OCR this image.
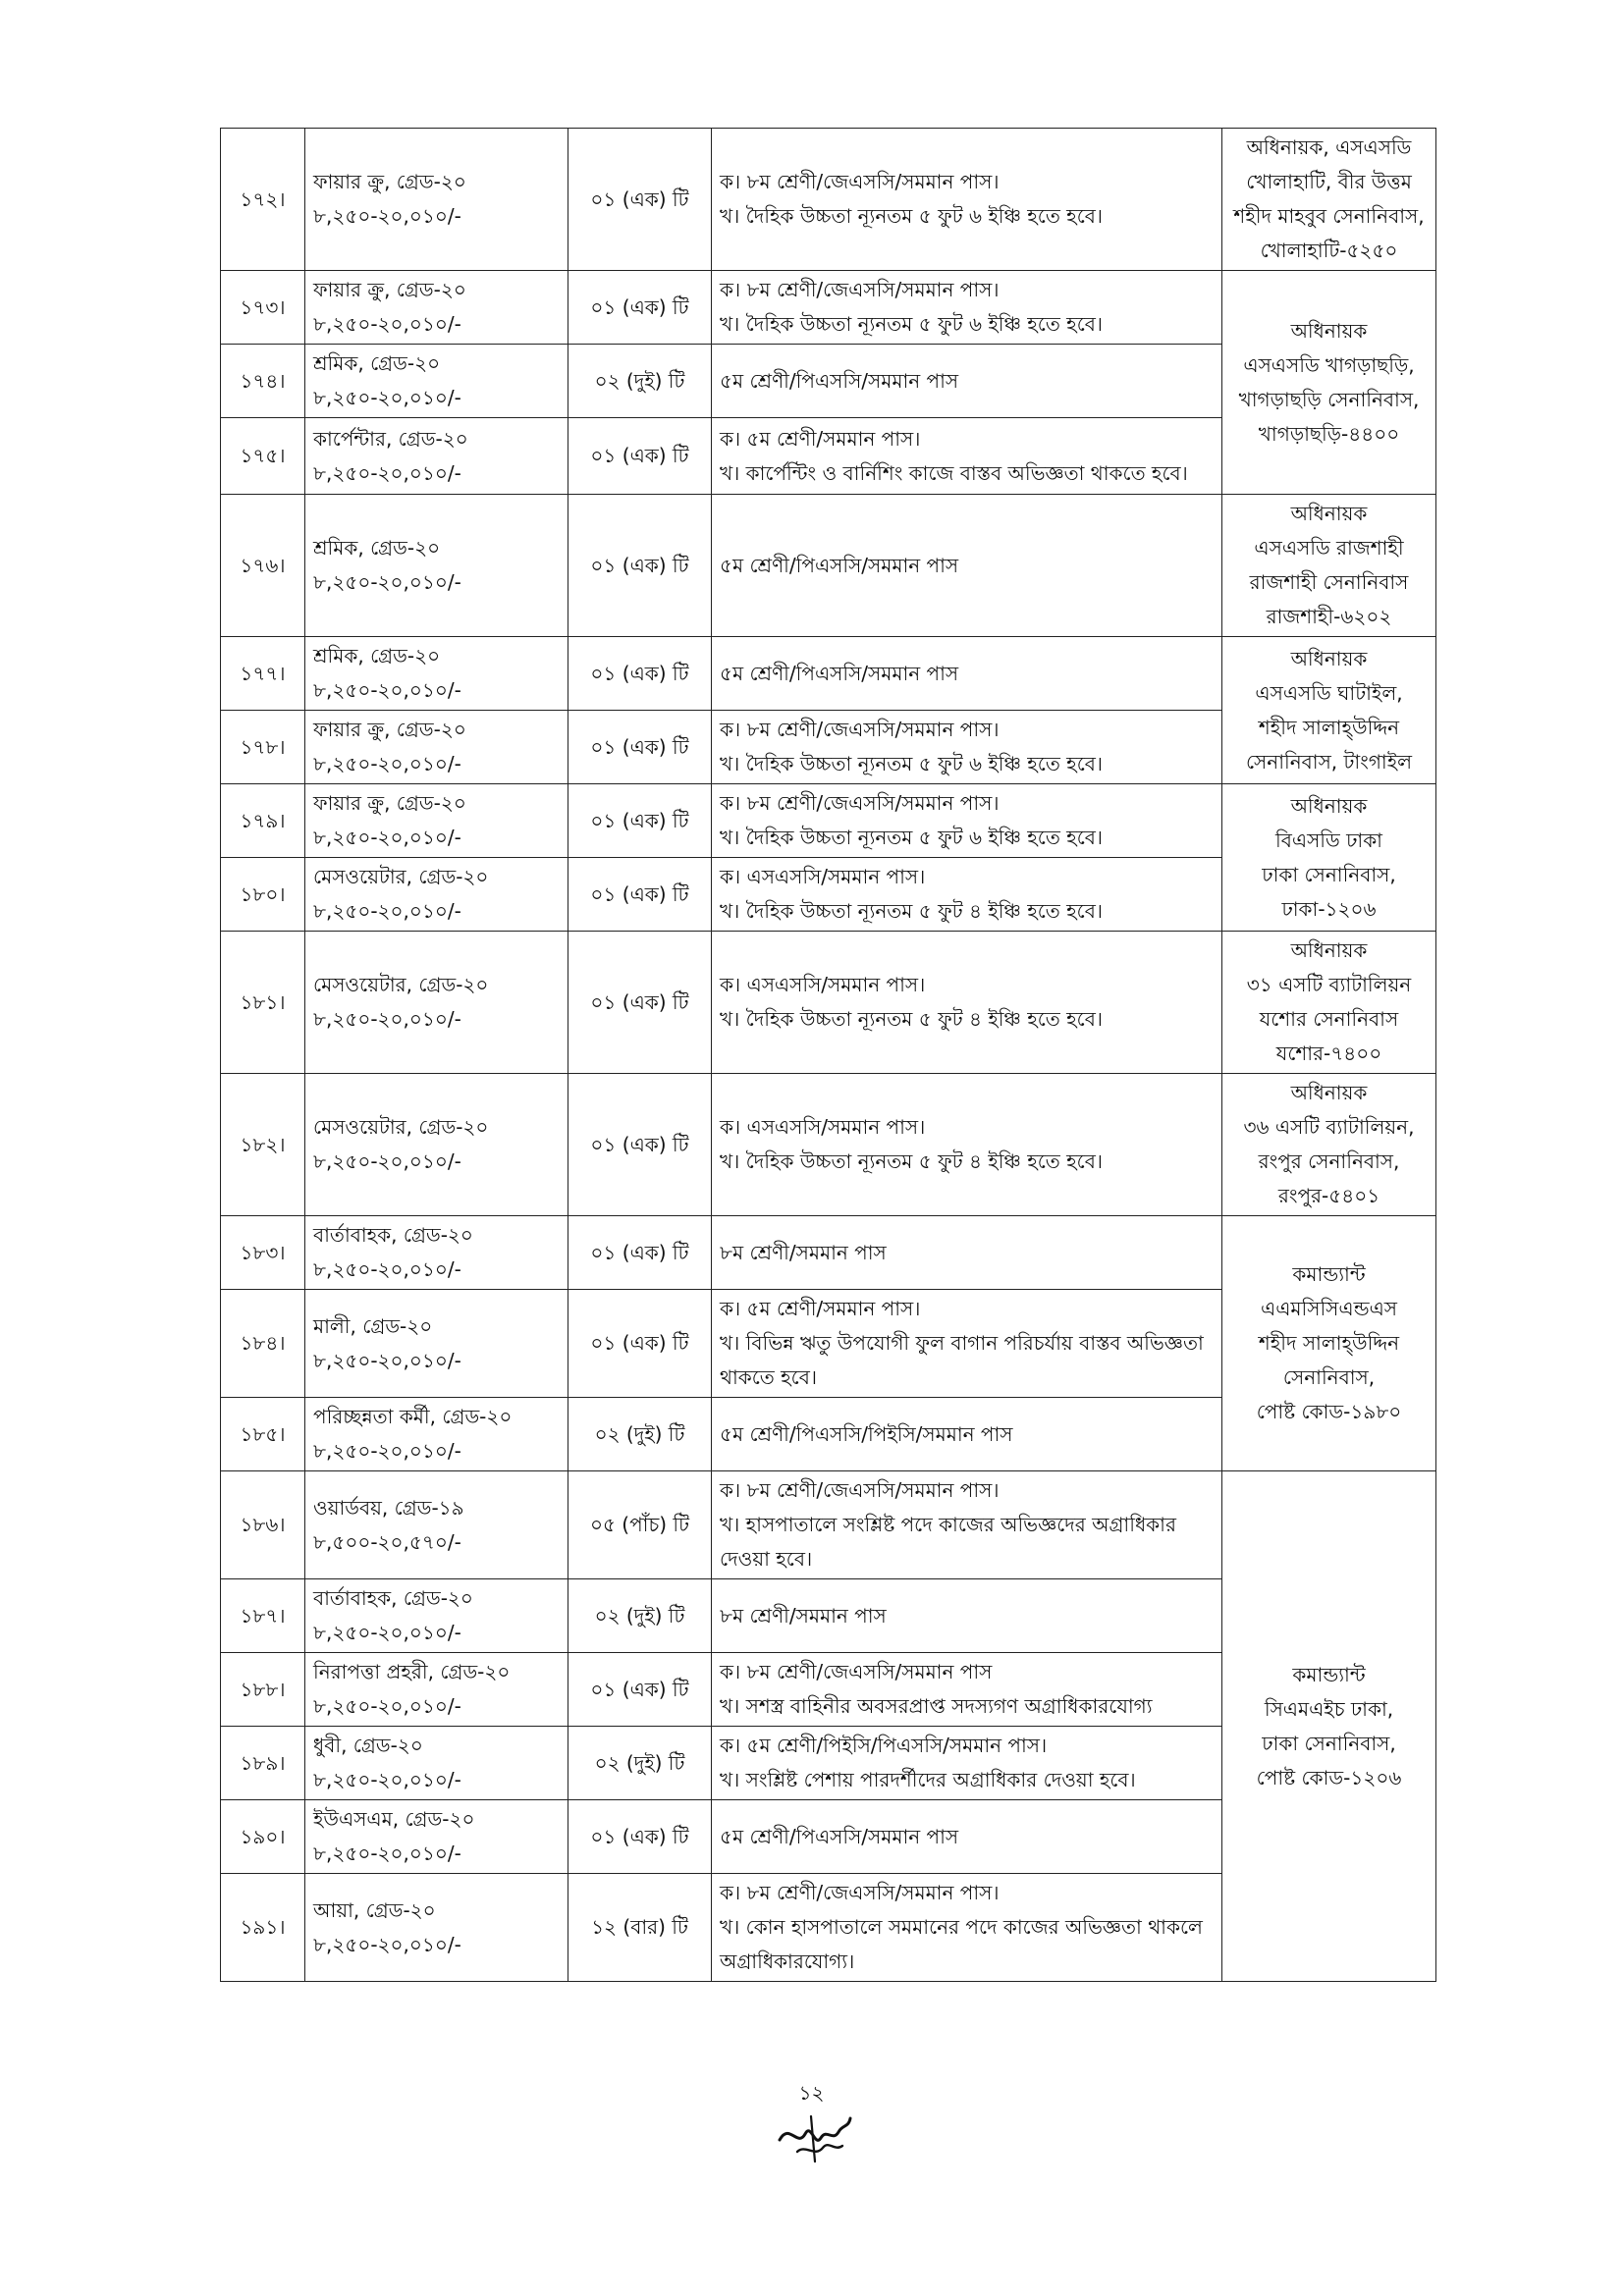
১৭২।	ফায়ার ক্রু, গ্রেড-২০
৮,২৫০-২০,০১০/-	০১ (এক) টি	ক। ৮ম শ্রেণী/জেএসসি/সমমান পাস।
খ। দৈহিক উচ্চতা ন্যূনতম ৫ ফুট ৬ ইঞ্চি হতে হবে।	অধিনায়ক, এসএসডি
খোলাহাটি, বীর উত্তম
শহীদ মাহবুব সেনানিবাস,
খোলাহাটি-৫২৫০

১৭৩।	ফায়ার ক্রু, গ্রেড-২০
৮,২৫০-২০,০১০/-	০১ (এক) টি	ক। ৮ম শ্রেণী/জেএসসি/সমমান পাস।
খ। দৈহিক উচ্চতা ন্যূনতম ৫ ফুট ৬ ইঞ্চি হতে হবে।	অধিনায়ক
এসএসডি খাগড়াছড়ি,
খাগড়াছড়ি সেনানিবাস,
খাগড়াছড়ি-৪৪০০

১৭৪।	শ্রমিক, গ্রেড-২০
৮,২৫০-২০,০১০/-	০২ (দুই) টি	৫ম শ্রেণী/পিএসসি/সমমান পাস	

১৭৫।	কার্পেন্টার, গ্রেড-২০
৮,২৫০-২০,০১০/-	০১ (এক) টি	ক। ৫ম শ্রেণী/সমমান পাস।
খ। কার্পেন্টিং ও বার্নিশিং কাজে বাস্তব অভিজ্ঞতা থাকতে হবে।	

১৭৬।	শ্রমিক, গ্রেড-২০
৮,২৫০-২০,০১০/-	০১ (এক) টি	৫ম শ্রেণী/পিএসসি/সমমান পাস	অধিনায়ক
এসএসডি রাজশাহী
রাজশাহী সেনানিবাস
রাজশাহী-৬২০২

১৭৭।	শ্রমিক, গ্রেড-২০
৮,২৫০-২০,০১০/-	০১ (এক) টি	৫ম শ্রেণী/পিএসসি/সমমান পাস	অধিনায়ক
এসএসডি ঘাটাইল,
শহীদ সালাহ্উদ্দিন
সেনানিবাস, টাংগাইল

১৭৮।	ফায়ার ক্রু, গ্রেড-২০
৮,২৫০-২০,০১০/-	০১ (এক) টি	ক। ৮ম শ্রেণী/জেএসসি/সমমান পাস।
খ। দৈহিক উচ্চতা ন্যূনতম ৫ ফুট ৬ ইঞ্চি হতে হবে।	

১৭৯।	ফায়ার ক্রু, গ্রেড-২০
৮,২৫০-২০,০১০/-	০১ (এক) টি	ক। ৮ম শ্রেণী/জেএসসি/সমমান পাস।
খ। দৈহিক উচ্চতা ন্যূনতম ৫ ফুট ৬ ইঞ্চি হতে হবে।	অধিনায়ক
বিএসডি ঢাকা
ঢাকা সেনানিবাস,
ঢাকা-১২০৬

১৮০।	মেসওয়েটার, গ্রেড-২০
৮,২৫০-২০,০১০/-	০১ (এক) টি	ক। এসএসসি/সমমান পাস।
খ। দৈহিক উচ্চতা ন্যূনতম ৫ ফুট ৪ ইঞ্চি হতে হবে।	

১৮১।	মেসওয়েটার, গ্রেড-২০
৮,২৫০-২০,০১০/-	০১ (এক) টি	ক। এসএসসি/সমমান পাস।
খ। দৈহিক উচ্চতা ন্যূনতম ৫ ফুট ৪ ইঞ্চি হতে হবে।	অধিনায়ক
৩১ এসটি ব্যাটালিয়ন
যশোর সেনানিবাস
যশোর-৭৪০০

১৮২।	মেসওয়েটার, গ্রেড-২০
৮,২৫০-২০,০১০/-	০১ (এক) টি	ক। এসএসসি/সমমান পাস।
খ। দৈহিক উচ্চতা ন্যূনতম ৫ ফুট ৪ ইঞ্চি হতে হবে।	অধিনায়ক
৩৬ এসটি ব্যাটালিয়ন,
রংপুর সেনানিবাস,
রংপুর-৫৪০১

১৮৩।	বার্তাবাহক, গ্রেড-২০
৮,২৫০-২০,০১০/-	০১ (এক) টি	৮ম শ্রেণী/সমমান পাস	কমান্ড্যান্ট
এএমসিসিএন্ডএস
শহীদ সালাহ্উদ্দিন
সেনানিবাস,
পোষ্ট কোড-১৯৮০

১৮৪।	মালী, গ্রেড-২০
৮,২৫০-২০,০১০/-	০১ (এক) টি	ক। ৫ম শ্রেণী/সমমান পাস।
খ। বিভিন্ন ঋতু উপযোগী ফুল বাগান পরিচর্যায় বাস্তব অভিজ্ঞতা থাকতে হবে।	

১৮৫।	পরিচ্ছন্নতা কর্মী, গ্রেড-২০
৮,২৫০-২০,০১০/-	০২ (দুই) টি	৫ম শ্রেণী/পিএসসি/পিইসি/সমমান পাস	

১৮৬।	ওয়ার্ডবয়, গ্রেড-১৯
৮,৫০০-২০,৫৭০/-	০৫ (পাঁচ) টি	ক। ৮ম শ্রেণী/জেএসসি/সমমান পাস।
খ। হাসপাতালে সংশ্লিষ্ট পদে কাজের অভিজ্ঞদের অগ্রাধিকার দেওয়া হবে।	কমান্ড্যান্ট
সিএমএইচ ঢাকা,
ঢাকা সেনানিবাস,
পোষ্ট কোড-১২০৬

১৮৭।	বার্তাবাহক, গ্রেড-২০
৮,২৫০-২০,০১০/-	০২ (দুই) টি	৮ম শ্রেণী/সমমান পাস	

১৮৮।	নিরাপত্তা প্রহরী, গ্রেড-২০
৮,২৫০-২০,০১০/-	০১ (এক) টি	ক। ৮ম শ্রেণী/জেএসসি/সমমান পাস
খ। সশস্ত্র বাহিনীর অবসরপ্রাপ্ত সদস্যগণ অগ্রাধিকারযোগ্য	

১৮৯।	ধুবী, গ্রেড-২০
৮,২৫০-২০,০১০/-	০২ (দুই) টি	ক। ৫ম শ্রেণী/পিইসি/পিএসসি/সমমান পাস।
খ। সংশ্লিষ্ট পেশায় পারদর্শীদের অগ্রাধিকার দেওয়া হবে।	

১৯০।	ইউএসএম, গ্রেড-২০
৮,২৫০-২০,০১০/-	০১ (এক) টি	৫ম শ্রেণী/পিএসসি/সমমান পাস	

১৯১।	আয়া, গ্রেড-২০
৮,২৫০-২০,০১০/-	১২ (বার) টি	ক। ৮ম শ্রেণী/জেএসসি/সমমান পাস।
খ। কোন হাসপাতালে সমমানের পদে কাজের অভিজ্ঞতা থাকলে অগ্রাধিকারযোগ্য।	
১২
